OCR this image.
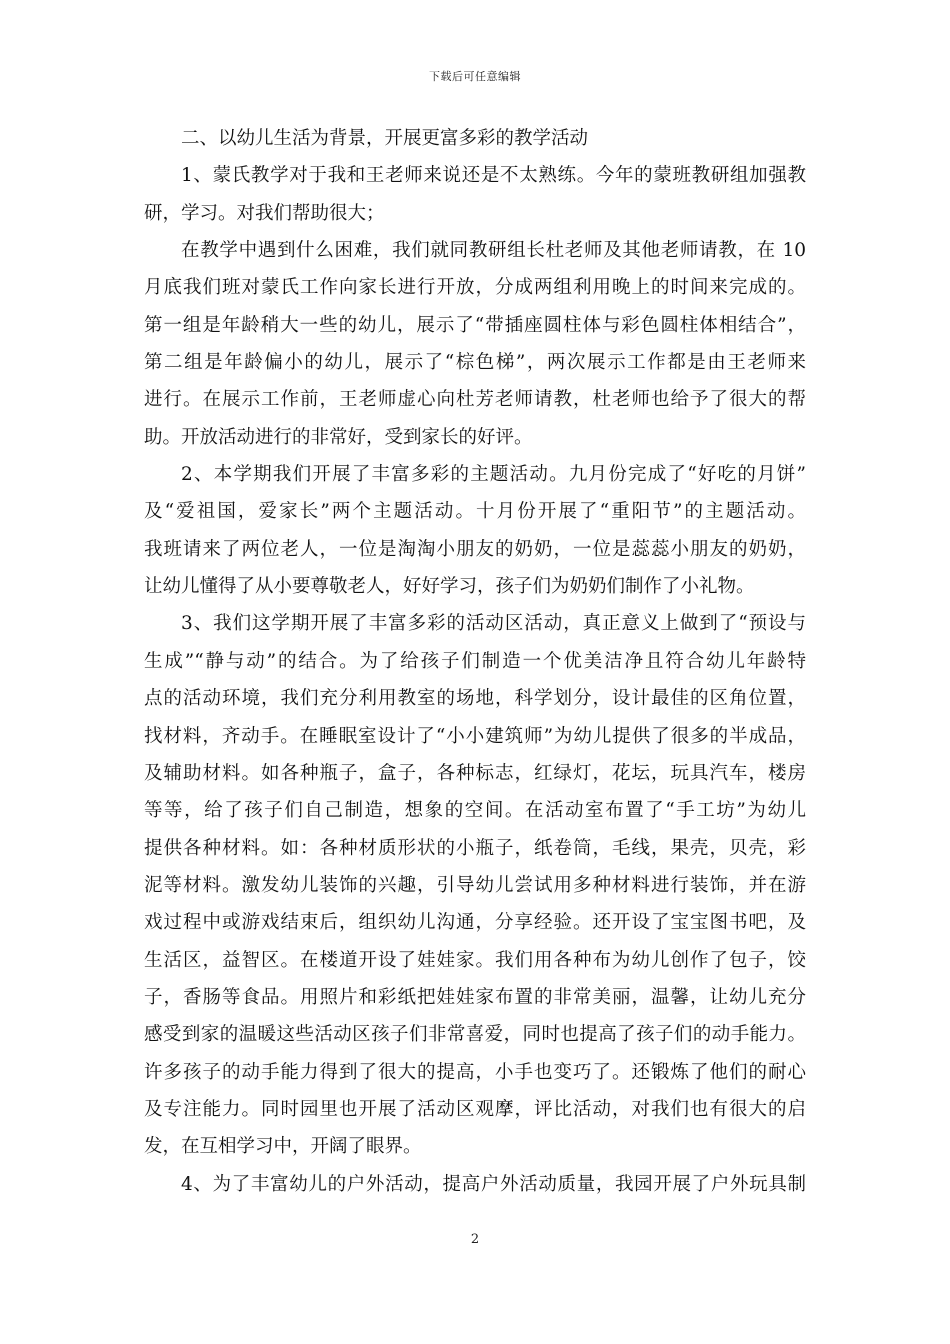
下载后可任意编辑
二、以幼儿生活为背景，开展更富多彩的教学活动
1、蒙氏教学对于我和王老师来说还是不太熟练。今年的蒙班教研组加强教
研，学习。对我们帮助很大；
在教学中遇到什么困难，我们就同教研组长杜老师及其他老师请教，在 10
月底我们班对蒙氏工作向家长进行开放，分成两组利用晚上的时间来完成的。
第一组是年龄稍大一些的幼儿，展示了“带插座圆柱体与彩色圆柱体相结合”，
第二组是年龄偏小的幼儿，展示了“棕色梯”，两次展示工作都是由王老师来
进行。在展示工作前，王老师虚心向杜芳老师请教，杜老师也给予了很大的帮
助。开放活动进行的非常好，受到家长的好评。
2、本学期我们开展了丰富多彩的主题活动。九月份完成了“好吃的月饼”
及“爱祖国，爱家长”两个主题活动。十月份开展了“重阳节”的主题活动。
我班请来了两位老人，一位是淘淘小朋友的奶奶，一位是蕊蕊小朋友的奶奶，
让幼儿懂得了从小要尊敬老人，好好学习，孩子们为奶奶们制作了小礼物。
3、我们这学期开展了丰富多彩的活动区活动，真正意义上做到了“预设与
生成”“静与动”的结合。为了给孩子们制造一个优美洁净且符合幼儿年龄特
点的活动环境，我们充分利用教室的场地，科学划分，设计最佳的区角位置，
找材料，齐动手。在睡眠室设计了“小小建筑师”为幼儿提供了很多的半成品，
及辅助材料。如各种瓶子，盒子，各种标志，红绿灯，花坛，玩具汽车，楼房
等等，给了孩子们自己制造，想象的空间。在活动室布置了“手工坊”为幼儿
提供各种材料。如：各种材质形状的小瓶子，纸卷筒，毛线，果壳，贝壳，彩
泥等材料。激发幼儿装饰的兴趣，引导幼儿尝试用多种材料进行装饰，并在游
戏过程中或游戏结束后，组织幼儿沟通，分享经验。还开设了宝宝图书吧，及
生活区，益智区。在楼道开设了娃娃家。我们用各种布为幼儿创作了包子，饺
子，香肠等食品。用照片和彩纸把娃娃家布置的非常美丽，温馨，让幼儿充分
感受到家的温暖这些活动区孩子们非常喜爱，同时也提高了孩子们的动手能力。
许多孩子的动手能力得到了很大的提高，小手也变巧了。还锻炼了他们的耐心
及专注能力。同时园里也开展了活动区观摩，评比活动，对我们也有很大的启
发，在互相学习中，开阔了眼界。
4、为了丰富幼儿的户外活动，提高户外活动质量，我园开展了户外玩具制
2
